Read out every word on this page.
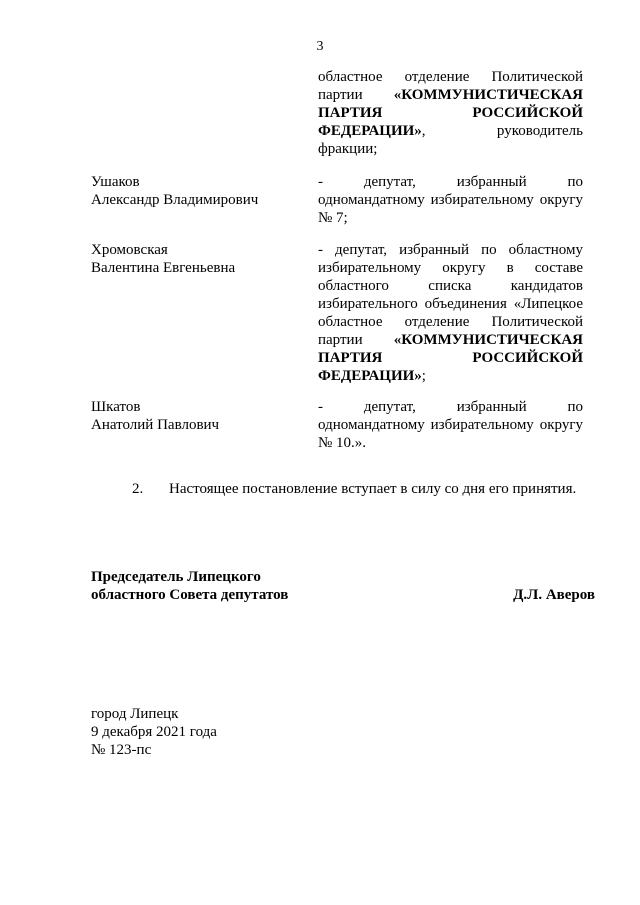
3
областное отделение Политической
партии «КОММУНИСТИЧЕСКАЯ
ПАРТИЯ РОССИЙСКОЙ
ФЕДЕРАЦИИ», руководитель
фракции;
Ушаков
Александр Владимирович
- депутат, избранный по
одномандатному избирательному округу
№ 7;
Хромовская
Валентина Евгеньевна
- депутат, избранный по областному
избирательному округу в составе
областного списка кандидатов
избирательного объединения «Липецкое
областное отделение Политической
партии «КОММУНИСТИЧЕСКАЯ
ПАРТИЯ РОССИЙСКОЙ
ФЕДЕРАЦИИ»;
Шкатов
Анатолий Павлович
- депутат, избранный по
одномандатному избирательному округу
№ 10.».
2. Настоящее постановление вступает в силу со дня его принятия.
Председатель Липецкого
областного Совета депутатов	Д.Л. Аверов
город Липецк
9 декабря 2021 года
№ 123-пс
